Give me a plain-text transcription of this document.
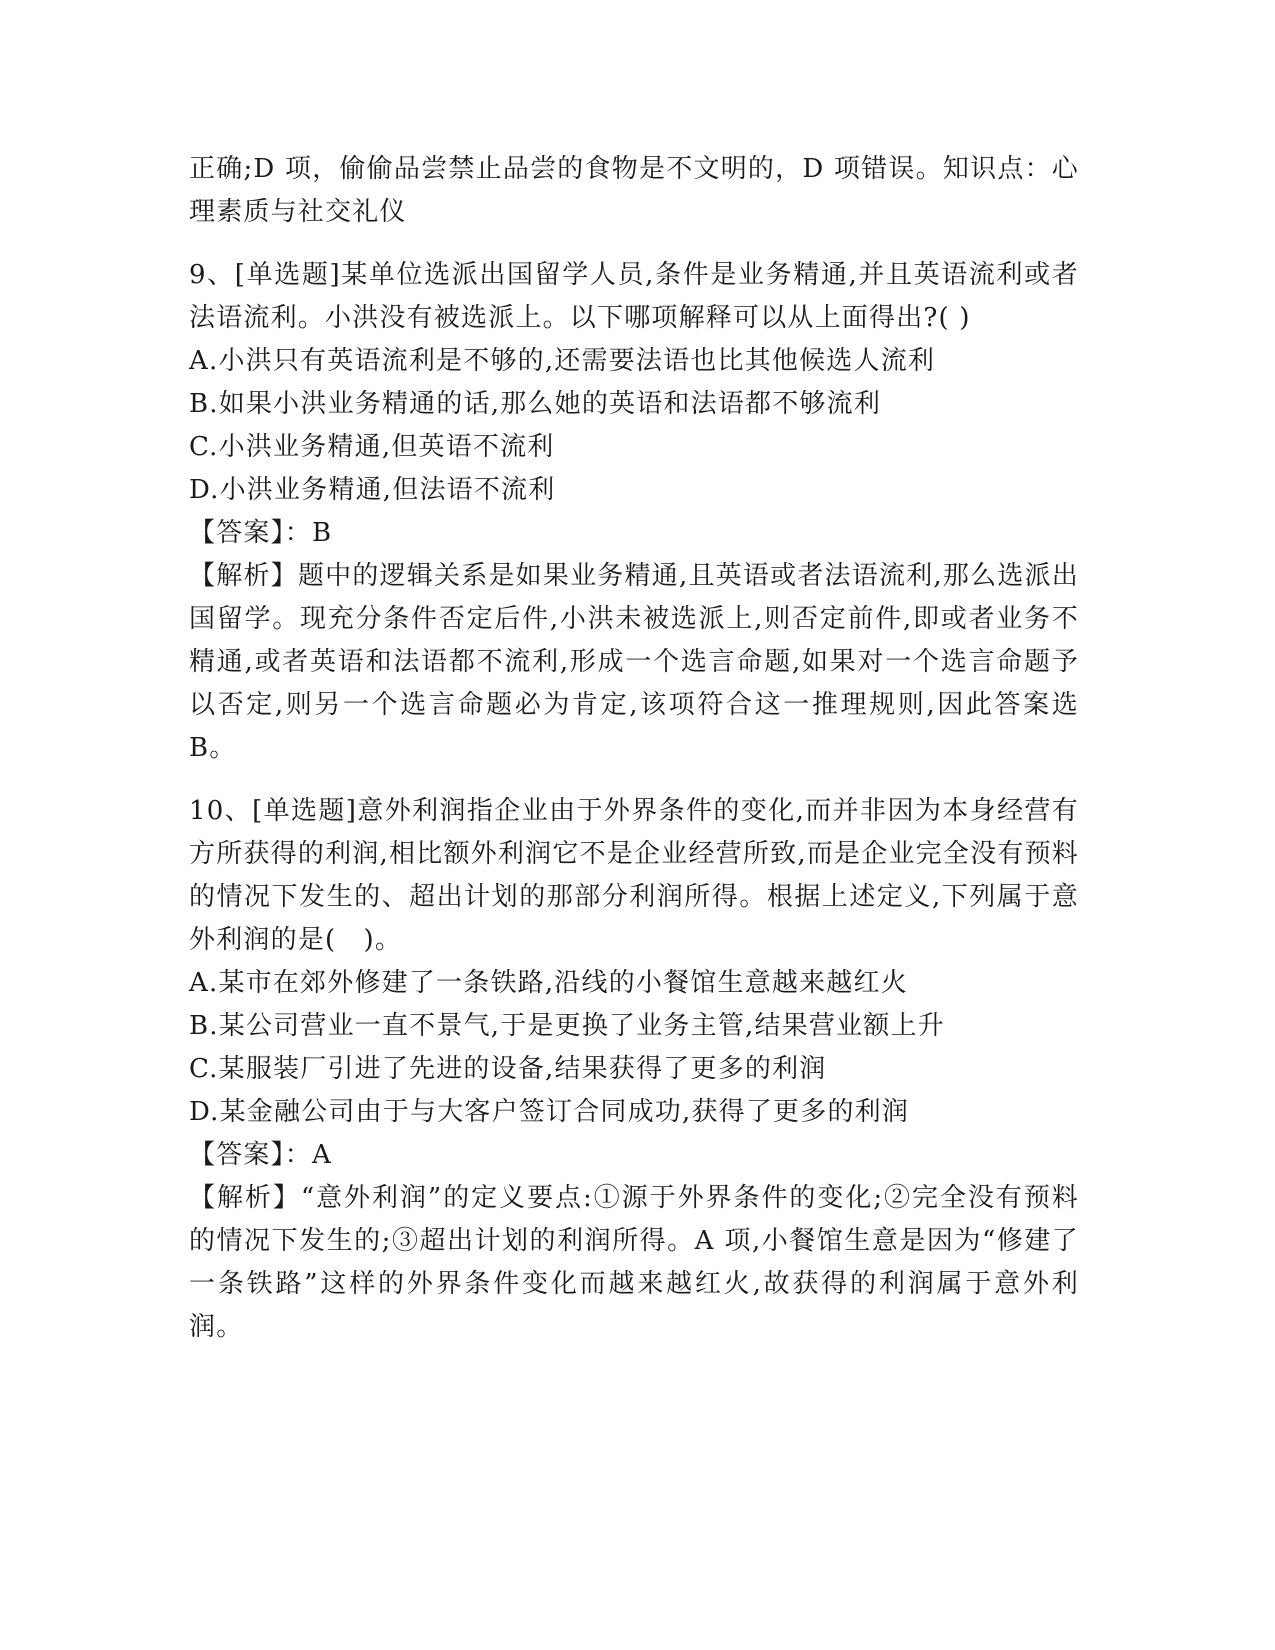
正确;D 项，偷偷品尝禁止品尝的食物是不文明的，D 项错误。知识点：心理素质与社交礼仪

9、[单选题]某单位选派出国留学人员,条件是业务精通,并且英语流利或者法语流利。小洪没有被选派上。以下哪项解释可以从上面得出?( )

A.小洪只有英语流利是不够的,还需要法语也比其他候选人流利

B.如果小洪业务精通的话,那么她的英语和法语都不够流利

C.小洪业务精通,但英语不流利

D.小洪业务精通,但法语不流利

【答案】：B

【解析】题中的逻辑关系是如果业务精通,且英语或者法语流利,那么选派出国留学。现充分条件否定后件,小洪未被选派上,则否定前件,即或者业务不精通,或者英语和法语都不流利,形成一个选言命题,如果对一个选言命题予以否定,则另一个选言命题必为肯定,该项符合这一推理规则,因此答案选 B。

10、[单选题]意外利润指企业由于外界条件的变化,而并非因为本身经营有方所获得的利润,相比额外利润它不是企业经营所致,而是企业完全没有预料的情况下发生的、超出计划的那部分利润所得。根据上述定义,下列属于意外利润的是(　)。

A.某市在郊外修建了一条铁路,沿线的小餐馆生意越来越红火

B.某公司营业一直不景气,于是更换了业务主管,结果营业额上升

C.某服装厂引进了先进的设备,结果获得了更多的利润

D.某金融公司由于与大客户签订合同成功,获得了更多的利润

【答案】：A

【解析】“意外利润”的定义要点:①源于外界条件的变化;②完全没有预料的情况下发生的;③超出计划的利润所得。A 项,小餐馆生意是因为“修建了一条铁路”这样的外界条件变化而越来越红火,故获得的利润属于意外利润。
